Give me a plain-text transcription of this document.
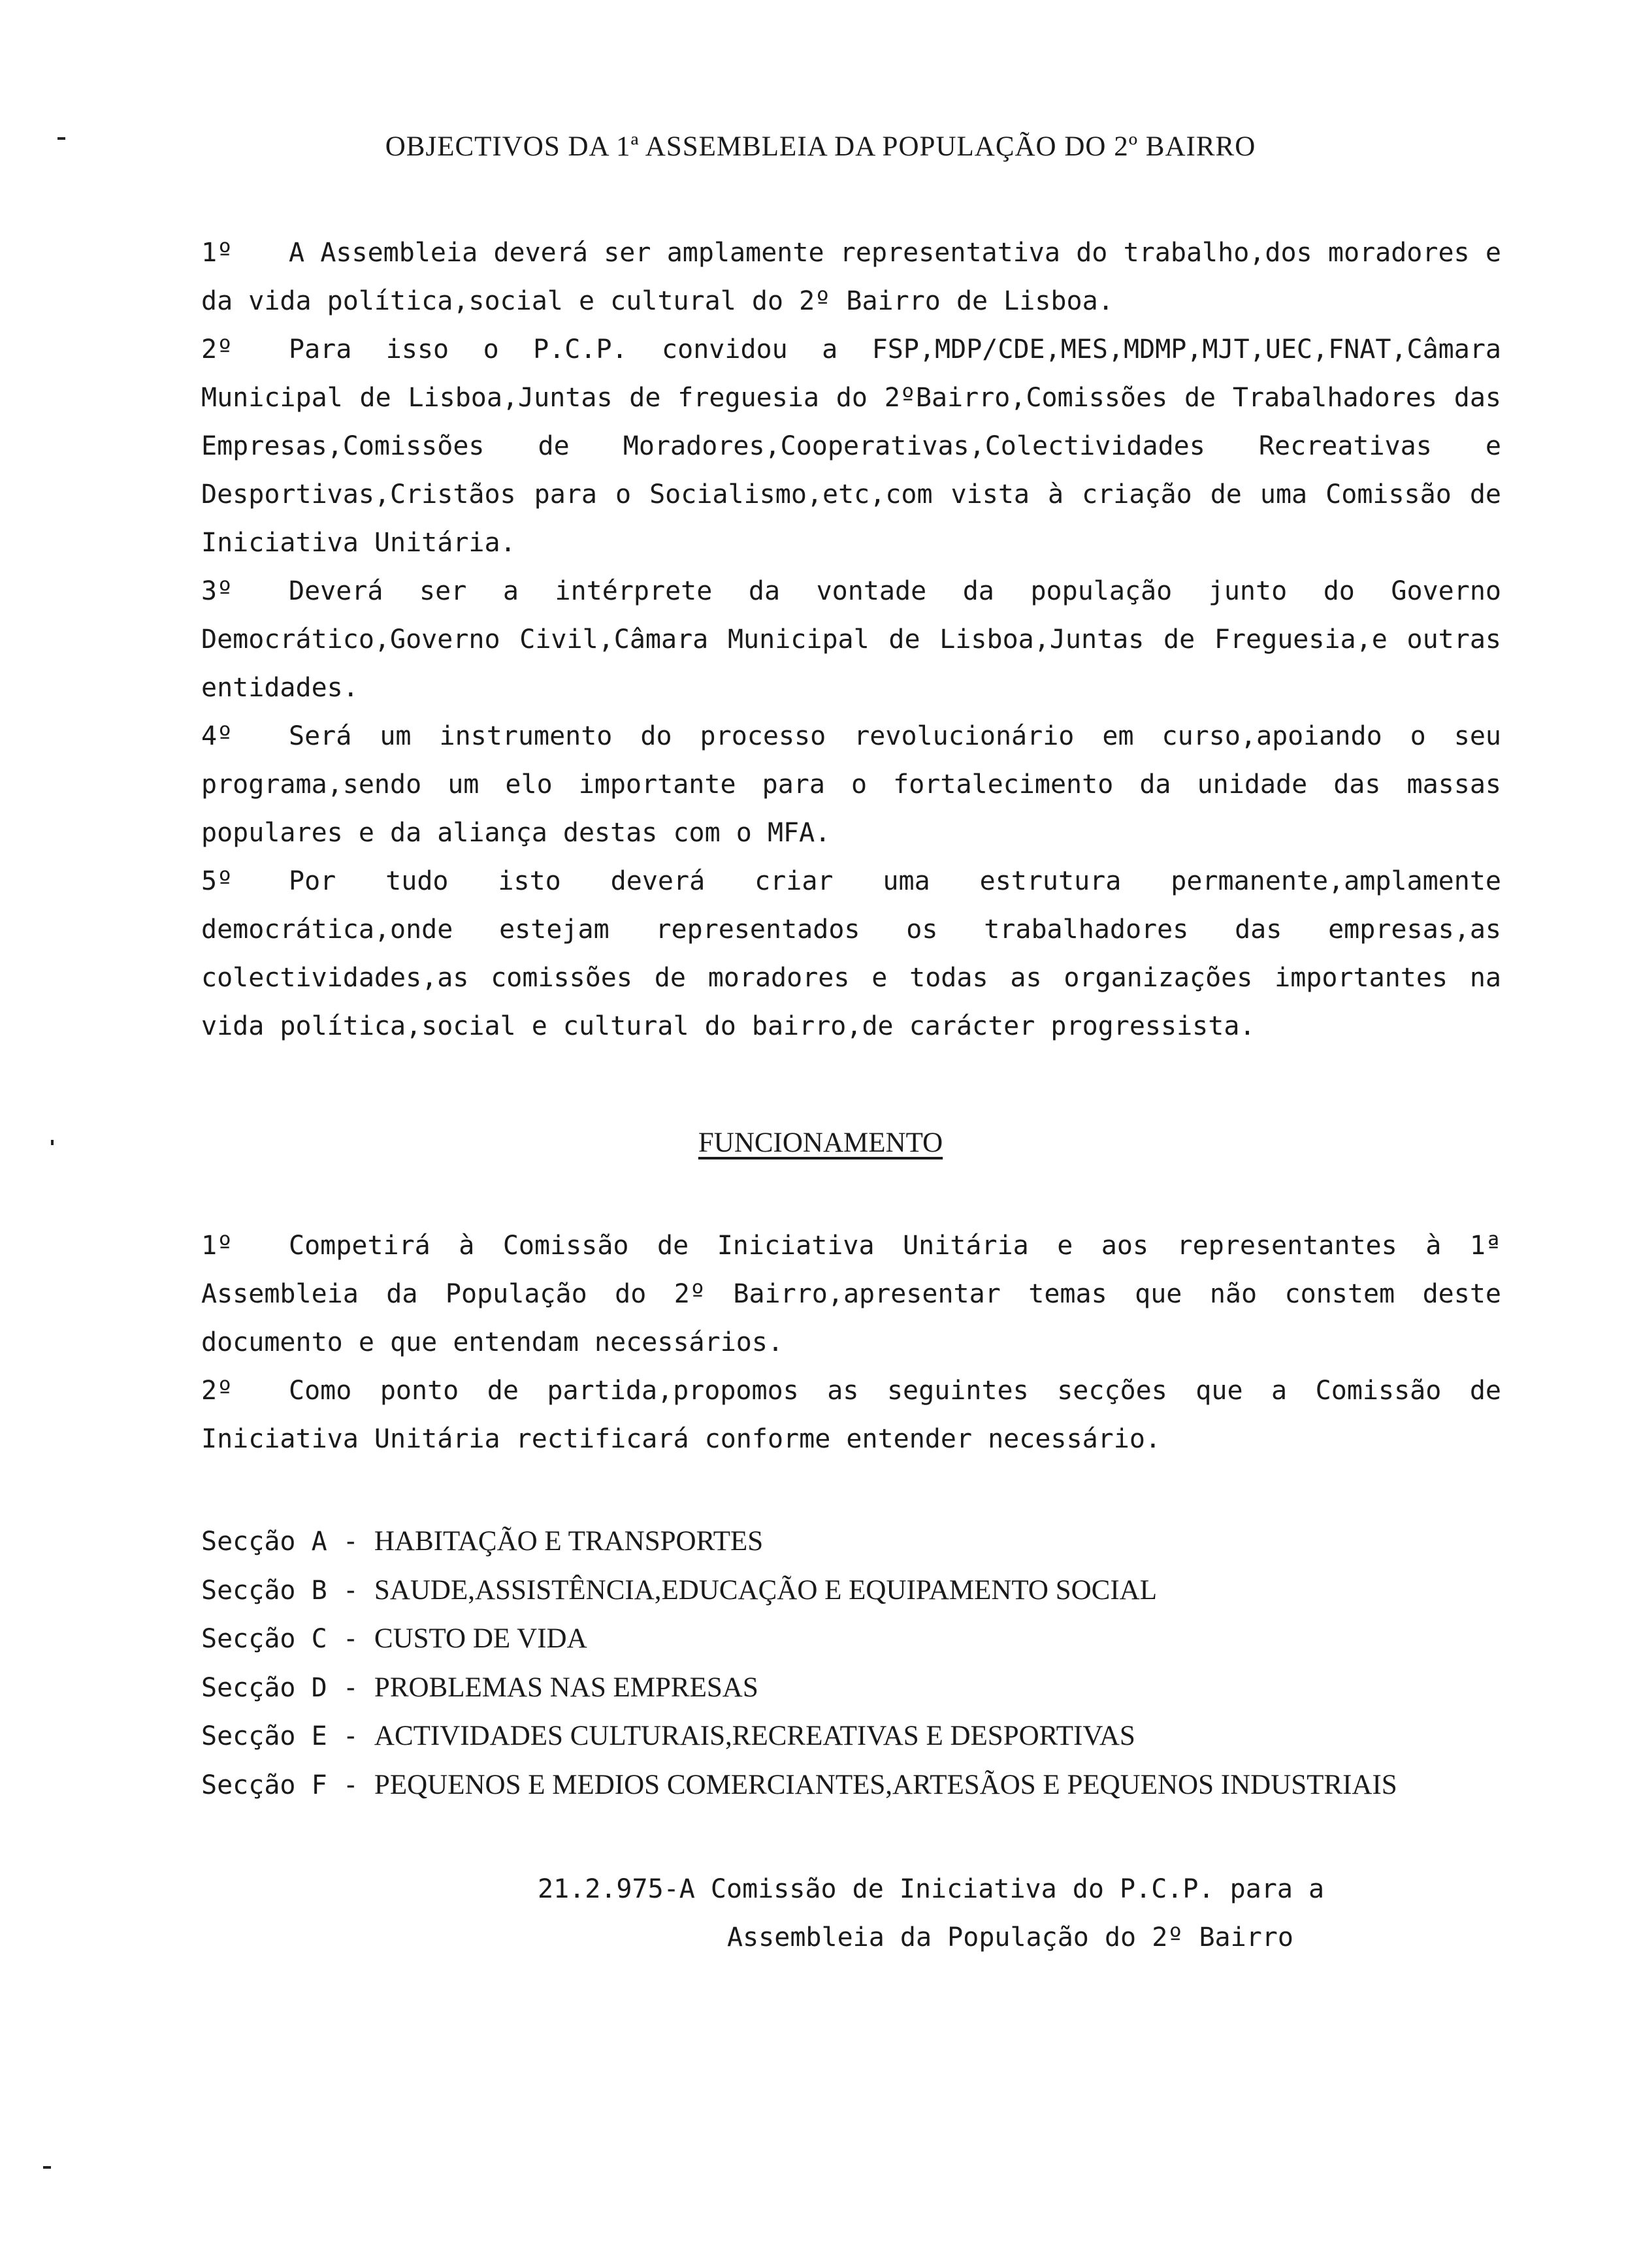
OBJECTIVOS DA 1ª ASSEMBLEIA DA POPULAÇÃO DO 2º BAIRRO

1º A Assembleia deverá ser amplamente representativa do trabalho,dos moradores e da vida política,social e cultural do 2º Bairro de Lisboa.

2º Para isso o P.C.P. convidou a FSP,MDP/CDE,MES,MDMP,MJT,UEC,FNAT,Câmara Municipal de Lisboa,Juntas de freguesia do 2ºBairro,Comissões de Trabalhadores das Empresas,Comissões de Moradores,Cooperativas,Colectividades Recreativas e Desportivas,Cristãos para o Socialismo,etc,com vista à criação de uma Comissão de Iniciativa Unitária.

3º Deverá ser a intérprete da vontade da população junto do Governo Democrático,Governo Civil,Câmara Municipal de Lisboa,Juntas de Freguesia,e outras entidades.

4º Será um instrumento do processo revolucionário em curso,apoiando o seu programa,sendo um elo importante para o fortalecimento da unidade das massas populares e da aliança destas com o MFA.

5º Por tudo isto deverá criar uma estrutura permanente,amplamente democrática,onde estejam representados os trabalhadores das empresas,as colectividades,as comissões de moradores e todas as organizações importantes na vida política,social e cultural do bairro,de carácter progressista.

FUNCIONAMENTO

1º Competirá à Comissão de Iniciativa Unitária e aos representantes à 1ª Assembleia da População do 2º Bairro,apresentar temas que não constem deste documento e que entendam necessários.

2º Como ponto de partida,propomos as seguintes secções que a Comissão de Iniciativa Unitária rectificará conforme entender necessário.

Secção A - HABITAÇÃO E TRANSPORTES
Secção B - SAUDE,ASSISTÊNCIA,EDUCAÇÃO E EQUIPAMENTO SOCIAL
Secção C - CUSTO DE VIDA
Secção D - PROBLEMAS NAS EMPRESAS
Secção E - ACTIVIDADES CULTURAIS,RECREATIVAS E DESPORTIVAS
Secção F - PEQUENOS E MEDIOS COMERCIANTES,ARTESÃOS E PEQUENOS INDUSTRIAIS
21.2.975-A Comissão de Iniciativa do P.C.P. para a
Assembleia da População do 2º Bairro
